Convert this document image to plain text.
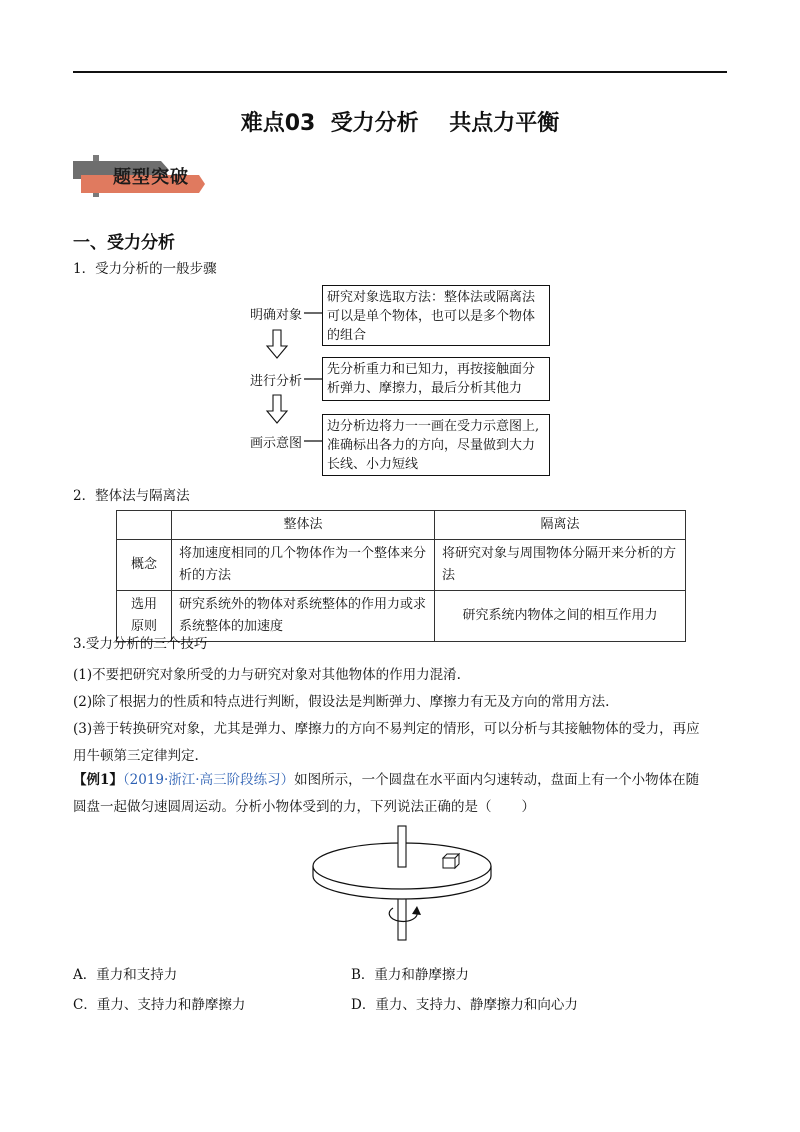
难点03  受力分析    共点力平衡
题型突破
一、受力分析
1．受力分析的一般步骤
明确对象
进行分析
画示意图
研究对象选取方法：整体法或隔离法
可以是单个物体，也可以是多个物体
的组合
先分析重力和已知力，再按接触面分
析弹力、摩擦力，最后分析其他力
边分析边将力一一画在受力示意图上,
准确标出各力的方向，尽量做到大力
长线、小力短线
2．整体法与隔离法
	整体法	隔离法
概念	将加速度相同的几个物体作为一个整体来分析的方法	将研究对象与周围物体分隔开来分析的方法

选用
原则	研究系统外的物体对系统整体的作用力或求系统整体的加速度	研究系统内物体之间的相互作用力
3.受力分析的三个技巧
(1)不要把研究对象所受的力与研究对象对其他物体的作用力混淆.
(2)除了根据力的性质和特点进行判断，假设法是判断弹力、摩擦力有无及方向的常用方法.
(3)善于转换研究对象，尤其是弹力、摩擦力的方向不易判定的情形，可以分析与其接触物体的受力，再应
用牛顿第三定律判定.
【例1】（2019·浙江·高三阶段练习）如图所示，一个圆盘在水平面内匀速转动，盘面上有一个小物体在随
圆盘一起做匀速圆周运动。分析小物体受到的力，下列说法正确的是（       ）
A．重力和支持力	B．重力和静摩擦力
C．重力、支持力和静摩擦力	D．重力、支持力、静摩擦力和向心力
